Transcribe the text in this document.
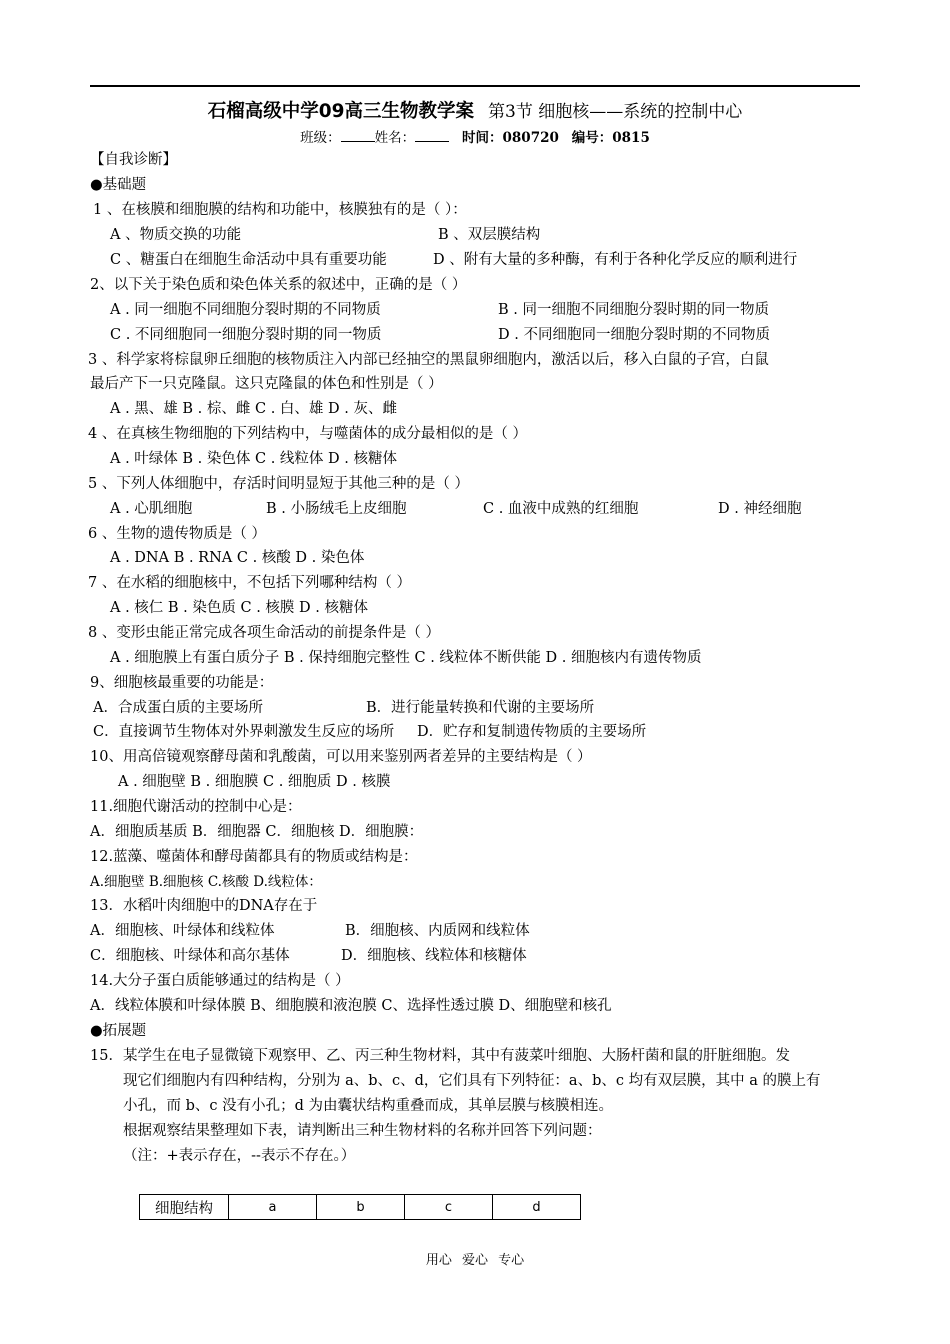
石榴高级中学09高三生物教学案 第3节 细胞核——系统的控制中心
班级：	姓名：	时间：080720 编号：0815
【自我诊断】
●基础题
1 、在核膜和细胞膜的结构和功能中，核膜独有的是（ ）：
A 、物质交换的功能	B 、双层膜结构
C 、糖蛋白在细胞生命活动中具有重要功能	D 、附有大量的多种酶，有利于各种化学反应的顺利进行
2、以下关于染色质和染色体关系的叙述中，正确的是（ ）
A . 同一细胞不同细胞分裂时期的不同物质	B . 同一细胞不同细胞分裂时期的同一物质
C . 不同细胞同一细胞分裂时期的同一物质	D . 不同细胞同一细胞分裂时期的不同物质
3 、科学家将棕鼠卵丘细胞的核物质注入内部已经抽空的黑鼠卵细胞内，激活以后，移入白鼠的子宫，白鼠
最后产下一只克隆鼠。这只克隆鼠的体色和性别是（ ）
A . 黑、雄 B . 棕、雌 C . 白、雄 D . 灰、雌
4 、在真核生物细胞的下列结构中，与噬菌体的成分最相似的是（ ）
A . 叶绿体 B . 染色体 C . 线粒体 D . 核糖体
5 、下列人体细胞中，存活时间明显短于其他三种的是（ ）
A . 心肌细胞	B . 小肠绒毛上皮细胞	C . 血液中成熟的红细胞	D . 神经细胞
6 、生物的遗传物质是（ ）
A . DNA B . RNA C . 核酸 D . 染色体
7 、在水稻的细胞核中，不包括下列哪种结构（ ）
A . 核仁 B . 染色质 C . 核膜 D . 核糖体
8 、变形虫能正常完成各项生命活动的前提条件是（ ）
A . 细胞膜上有蛋白质分子 B . 保持细胞完整性 C . 线粒体不断供能 D . 细胞核内有遗传物质
9、细胞核最重要的功能是：
A．合成蛋白质的主要场所	B．进行能量转换和代谢的主要场所
C．直接调节生物体对外界刺激发生反应的场所 D．贮存和复制遗传物质的主要场所
10、用高倍镜观察酵母菌和乳酸菌，可以用来鉴别两者差异的主要结构是（ ）
A . 细胞壁 B . 细胞膜 C . 细胞质 D . 核膜
11.细胞代谢活动的控制中心是：
A．细胞质基质 B．细胞器 C．细胞核 D．细胞膜：
12.蓝藻、噬菌体和酵母菌都具有的物质或结构是：
A.细胞壁 B.细胞核 C.核酸 D.线粒体：
13．水稻叶肉细胞中的DNA存在于
A．细胞核、叶绿体和线粒体	B．细胞核、内质网和线粒体
C．细胞核、叶绿体和高尔基体	D．细胞核、线粒体和核糖体
14.大分子蛋白质能够通过的结构是（ ）
A．线粒体膜和叶绿体膜 B、细胞膜和液泡膜 C、选择性透过膜 D、细胞壁和核孔
●拓展题
15．某学生在电子显微镜下观察甲、乙、丙三种生物材料，其中有菠菜叶细胞、大肠杆菌和鼠的肝脏细胞。发
现它们细胞内有四种结构，分别为 a、b、c、d，它们具有下列特征：a、b、c 均有双层膜，其中 a 的膜上有
小孔，而 b、c 没有小孔；d 为由囊状结构重叠而成，其单层膜与核膜相连。
根据观察结果整理如下表，请判断出三种生物材料的名称并回答下列问题：
（注：+表示存在，--表示不存在。）
细胞结构	a	b	c	d
用心 爱心 专心
